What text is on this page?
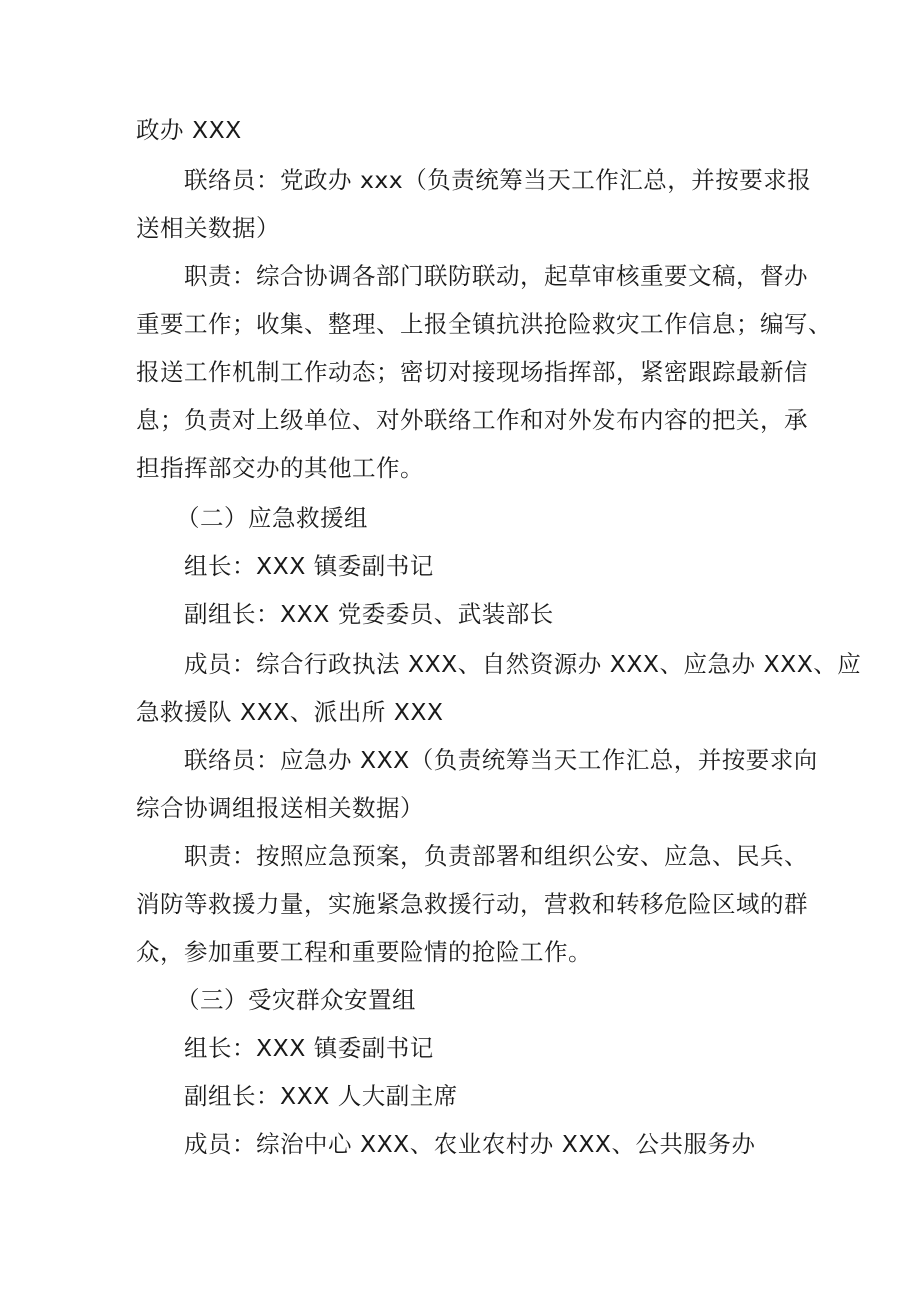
政办 XXX
联络员：党政办 xxx（负责统筹当天工作汇总，并按要求报
送相关数据）
职责：综合协调各部门联防联动，起草审核重要文稿，督办
重要工作；收集、整理、上报全镇抗洪抢险救灾工作信息；编写、
报送工作机制工作动态；密切对接现场指挥部，紧密跟踪最新信
息；负责对上级单位、对外联络工作和对外发布内容的把关，承
担指挥部交办的其他工作。
（二）应急救援组
组长：XXX 镇委副书记
副组长：XXX 党委委员、武装部长
成员：综合行政执法 XXX、自然资源办 XXX、应急办 XXX、应
急救援队 XXX、派出所 XXX
联络员：应急办 XXX（负责统筹当天工作汇总，并按要求向
综合协调组报送相关数据）
职责：按照应急预案，负责部署和组织公安、应急、民兵、
消防等救援力量，实施紧急救援行动，营救和转移危险区域的群
众，参加重要工程和重要险情的抢险工作。
（三）受灾群众安置组
组长：XXX 镇委副书记
副组长：XXX 人大副主席
成员：综治中心 XXX、农业农村办 XXX、公共服务办
